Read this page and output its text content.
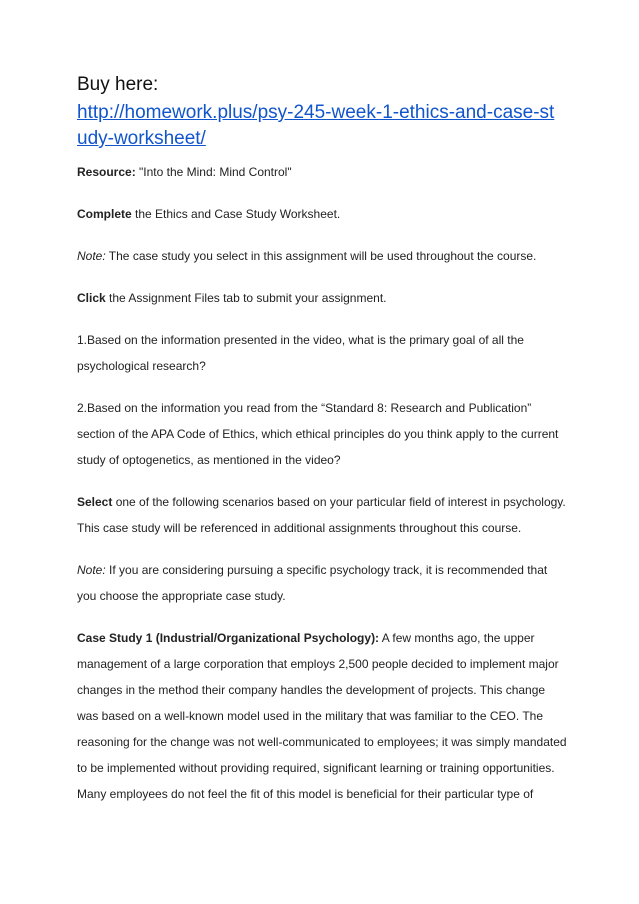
Buy here:

http://homework.plus/psy-245-week-1-ethics-and-case-study-worksheet/

Resource: "Into the Mind: Mind Control"

Complete the Ethics and Case Study Worksheet.

Note: The case study you select in this assignment will be used throughout the course.

Click the Assignment Files tab to submit your assignment.

1.Based on the information presented in the video, what is the primary goal of all the

psychological research?

2.Based on the information you read from the “Standard 8: Research and Publication”

section of the APA Code of Ethics, which ethical principles do you think apply to the current

study of optogenetics, as mentioned in the video?

Select one of the following scenarios based on your particular field of interest in psychology.

This case study will be referenced in additional assignments throughout this course.

Note: If you are considering pursuing a specific psychology track, it is recommended that

you choose the appropriate case study.

Case Study 1 (Industrial/Organizational Psychology): A few months ago, the upper

management of a large corporation that employs 2,500 people decided to implement major

changes in the method their company handles the development of projects. This change

was based on a well-known model used in the military that was familiar to the CEO. The

reasoning for the change was not well-communicated to employees; it was simply mandated

to be implemented without providing required, significant learning or training opportunities.

Many employees do not feel the fit of this model is beneficial for their particular type of
